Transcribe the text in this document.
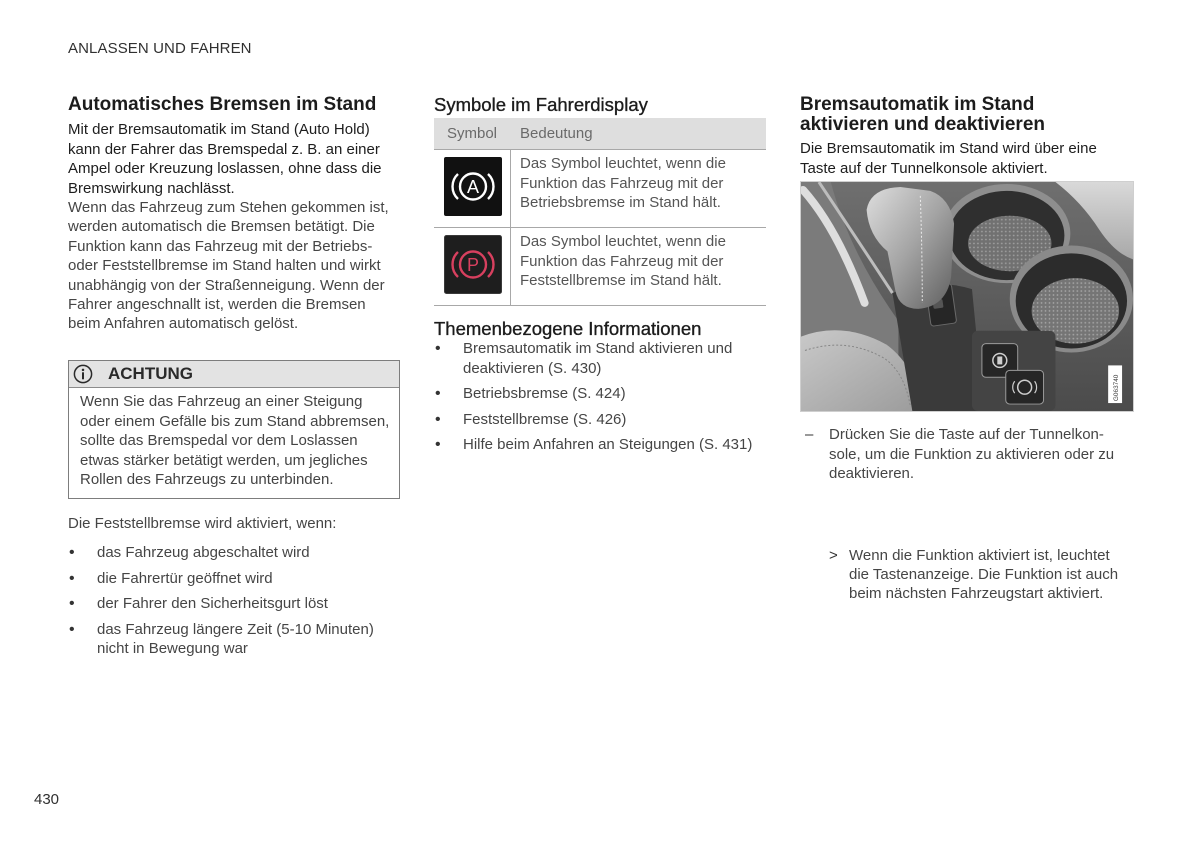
ANLASSEN UND FAHREN
Automatisches Bremsen im Stand
Mit der Bremsautomatik im Stand (Auto Hold)
kann der Fahrer das Bremspedal z. B. an einer
Ampel oder Kreuzung loslassen, ohne dass die
Bremswirkung nachlässt.
Wenn das Fahrzeug zum Stehen gekommen ist,
werden automatisch die Bremsen betätigt. Die
Funktion kann das Fahrzeug mit der Betriebs-
oder Feststellbremse im Stand halten und wirkt
unabhängig von der Straßenneigung. Wenn der
Fahrer angeschnallt ist, werden die Bremsen
beim Anfahren automatisch gelöst.
ACHTUNG
Wenn Sie das Fahrzeug an einer Steigung
oder einem Gefälle bis zum Stand abbremsen,
sollte das Bremspedal vor dem Loslassen
etwas stärker betätigt werden, um jegliches
Rollen des Fahrzeugs zu unterbinden.
Die Feststellbremse wird aktiviert, wenn:
• das Fahrzeug abgeschaltet wird
• die Fahrertür geöffnet wird
• der Fahrer den Sicherheitsgurt löst
• das Fahrzeug längere Zeit (5-10 Minuten)
nicht in Bewegung war
Symbole im Fahrerdisplay
Symbol Bedeutung
A
Das Symbol leuchtet, wenn die
Funktion das Fahrzeug mit der
Betriebsbremse im Stand hält.
P
Das Symbol leuchtet, wenn die
Funktion das Fahrzeug mit der
Feststellbremse im Stand hält.
Themenbezogene Informationen
• Bremsautomatik im Stand aktivieren und
deaktivieren (S. 430)
• Betriebsbremse (S. 424)
• Feststellbremse (S. 426)
• Hilfe beim Anfahren an Steigungen (S. 431)
Bremsautomatik im Stand
aktivieren und deaktivieren
Die Bremsautomatik im Stand wird über eine
Taste auf der Tunnelkonsole aktiviert.
G063740
– Drücken Sie die Taste auf der Tunnelkon-
sole, um die Funktion zu aktivieren oder zu
deaktivieren.
> Wenn die Funktion aktiviert ist, leuchtet
die Tastenanzeige. Die Funktion ist auch
beim nächsten Fahrzeugstart aktiviert.
430
